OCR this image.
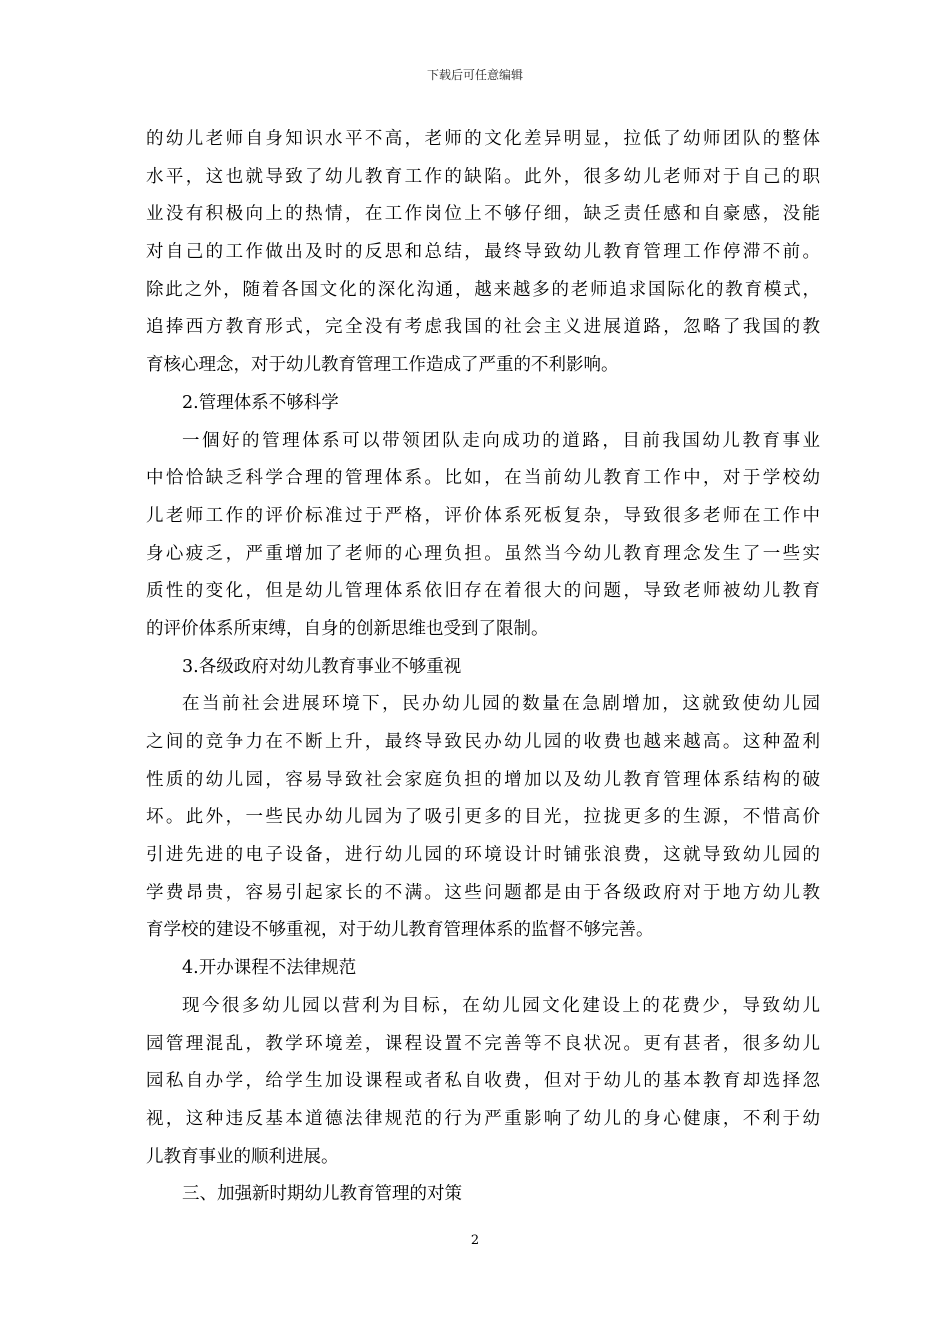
下载后可任意编辑
的幼儿老师自身知识水平不高，老师的文化差异明显，拉低了幼师团队的整体
水平，这也就导致了幼儿教育工作的缺陷。此外，很多幼儿老师对于自己的职
业没有积极向上的热情，在工作岗位上不够仔细，缺乏责任感和自豪感，没能
对自己的工作做出及时的反思和总结，最终导致幼儿教育管理工作停滞不前。
除此之外，随着各国文化的深化沟通，越来越多的老师追求国际化的教育模式，
追捧西方教育形式，完全没有考虑我国的社会主义进展道路，忽略了我国的教
育核心理念，对于幼儿教育管理工作造成了严重的不利影响。
2.管理体系不够科学
一個好的管理体系可以带领团队走向成功的道路，目前我国幼儿教育事业
中恰恰缺乏科学合理的管理体系。比如，在当前幼儿教育工作中，对于学校幼
儿老师工作的评价标准过于严格，评价体系死板复杂，导致很多老师在工作中
身心疲乏，严重增加了老师的心理负担。虽然当今幼儿教育理念发生了一些实
质性的变化，但是幼儿管理体系依旧存在着很大的问题，导致老师被幼儿教育
的评价体系所束缚，自身的创新思维也受到了限制。
3.各级政府对幼儿教育事业不够重视
在当前社会进展环境下，民办幼儿园的数量在急剧增加，这就致使幼儿园
之间的竞争力在不断上升，最终导致民办幼儿园的收费也越来越高。这种盈利
性质的幼儿园，容易导致社会家庭负担的增加以及幼儿教育管理体系结构的破
坏。此外，一些民办幼儿园为了吸引更多的目光，拉拢更多的生源，不惜高价
引进先进的电子设备，进行幼儿园的环境设计时铺张浪费，这就导致幼儿园的
学费昂贵，容易引起家长的不满。这些问题都是由于各级政府对于地方幼儿教
育学校的建设不够重视，对于幼儿教育管理体系的监督不够完善。
4.开办课程不法律规范
现今很多幼儿园以营利为目标，在幼儿园文化建设上的花费少，导致幼儿
园管理混乱，教学环境差，课程设置不完善等不良状况。更有甚者，很多幼儿
园私自办学，给学生加设课程或者私自收费，但对于幼儿的基本教育却选择忽
视，这种违反基本道德法律规范的行为严重影响了幼儿的身心健康，不利于幼
儿教育事业的顺利进展。
三、加强新时期幼儿教育管理的对策
2
